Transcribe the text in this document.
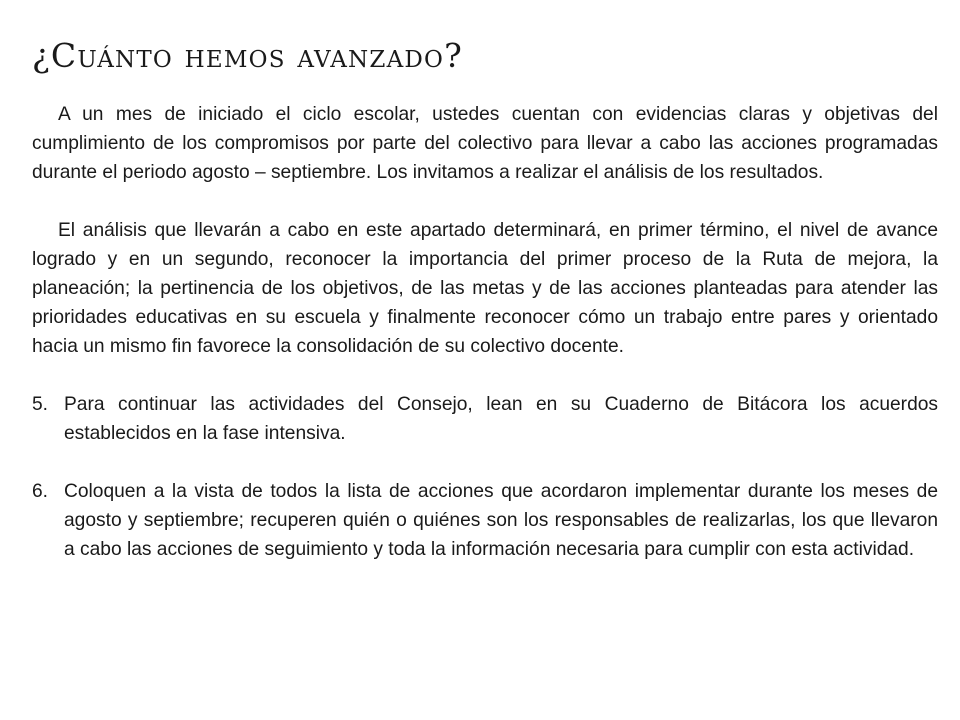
¿Cuánto hemos avanzado?

A un mes de iniciado el ciclo escolar, ustedes cuentan con evidencias claras y objetivas del cumplimiento de los compromisos por parte del colectivo para llevar a cabo las acciones programadas durante el periodo agosto – septiembre. Los invitamos a realizar el análisis de los resultados.

El análisis que llevarán a cabo en este apartado determinará, en primer término, el nivel de avance logrado y en un segundo, reconocer la importancia del primer proceso de la Ruta de mejora, la planeación; la pertinencia de los objetivos, de las metas y de las acciones planteadas para atender las prioridades educativas en su escuela y finalmente reconocer cómo un trabajo entre pares y orientado hacia un mismo fin favorece la consolidación de su colectivo docente.

5. Para continuar las actividades del Consejo, lean en su Cuaderno de Bitácora los acuerdos establecidos en la fase intensiva.
6. Coloquen a la vista de todos la lista de acciones que acordaron implementar durante los meses de agosto y septiembre; recuperen quién o quiénes son los responsables de realizarlas, los que llevaron a cabo las acciones de seguimiento y toda la información necesaria para cumplir con esta actividad.
